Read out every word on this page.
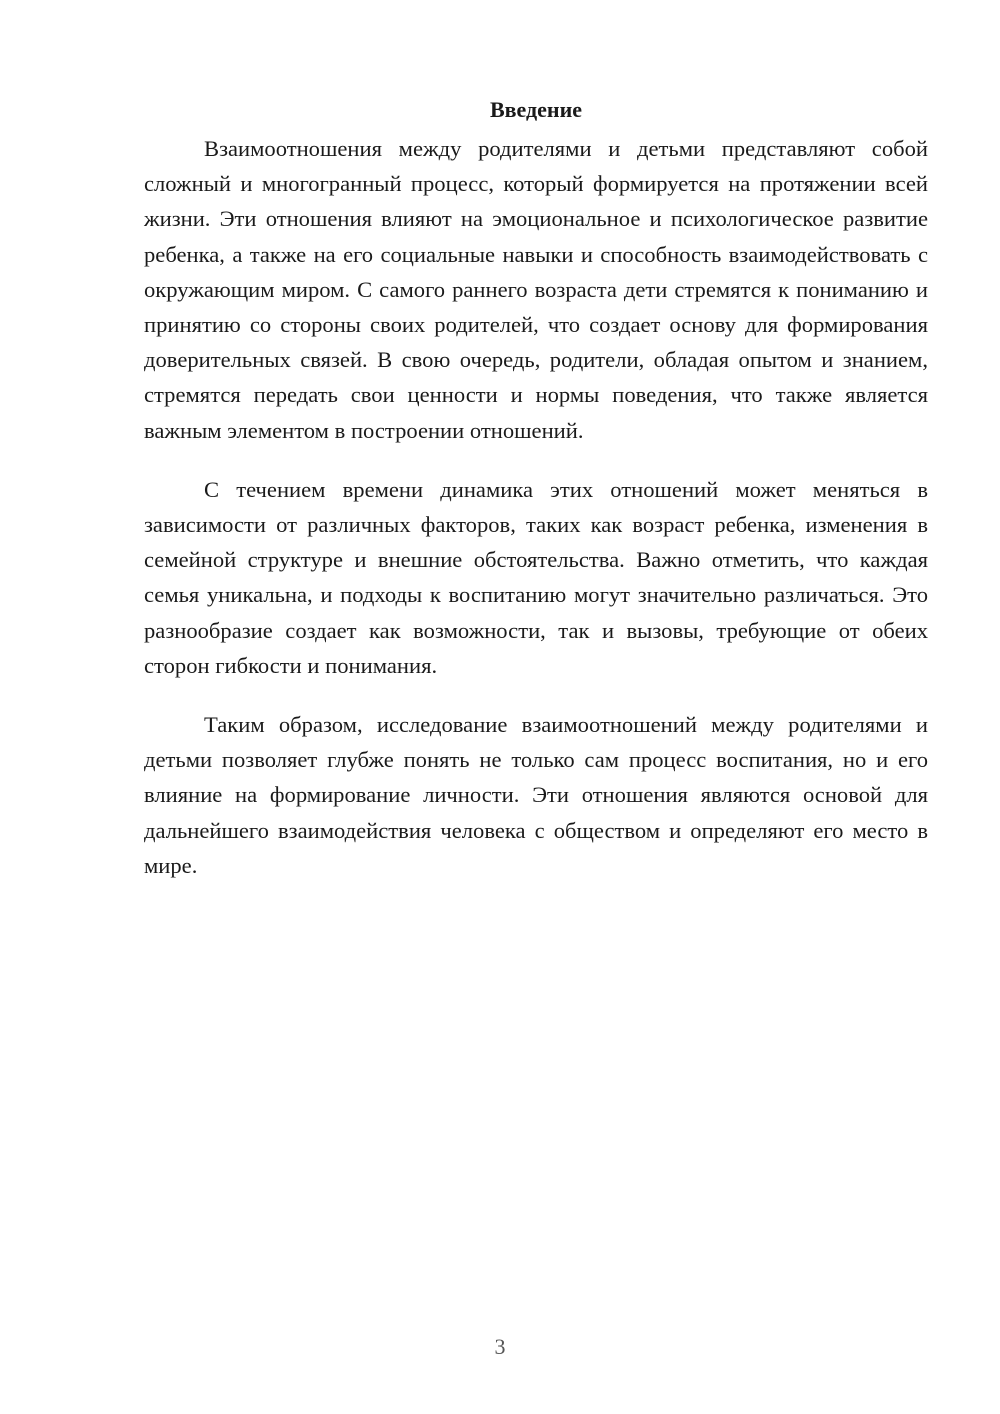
Введение

Взаимоотношения между родителями и детьми представляют собой сложный и многогранный процесс, который формируется на протяжении всей жизни. Эти отношения влияют на эмоциональное и психологическое развитие ребенка, а также на его социальные навыки и способность взаимодействовать с окружающим миром. С самого раннего возраста дети стремятся к пониманию и принятию со стороны своих родителей, что создает основу для формирования доверительных связей. В свою очередь, родители, обладая опытом и знанием, стремятся передать свои ценности и нормы поведения, что также является важным элементом в построении отношений.

С течением времени динамика этих отношений может меняться в зависимости от различных факторов, таких как возраст ребенка, изменения в семейной структуре и внешние обстоятельства. Важно отметить, что каждая семья уникальна, и подходы к воспитанию могут значительно различаться. Это разнообразие создает как возможности, так и вызовы, требующие от обеих сторон гибкости и понимания.

Таким образом, исследование взаимоотношений между родителями и детьми позволяет глубже понять не только сам процесс воспитания, но и его влияние на формирование личности. Эти отношения являются основой для дальнейшего взаимодействия человека с обществом и определяют его место в мире.

3
